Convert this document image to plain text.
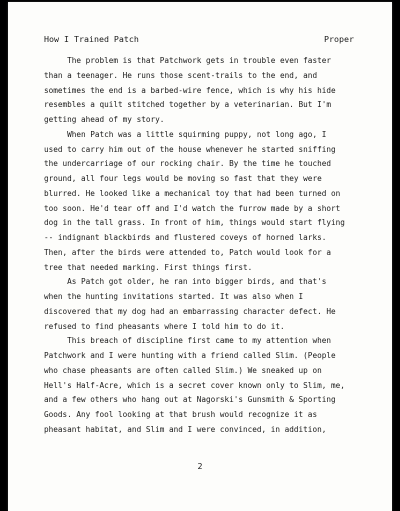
How I Trained Patch	Proper
The problem is that Patchwork gets in trouble even faster
than a teenager. He runs those scent-trails to the end, and
sometimes the end is a barbed-wire fence, which is why his hide
resembles a quilt stitched together by a veterinarian. But I'm
getting ahead of my story.
When Patch was a little squirming puppy, not long ago, I
used to carry him out of the house whenever he started sniffing
the undercarriage of our rocking chair. By the time he touched
ground, all four legs would be moving so fast that they were
blurred. He looked like a mechanical toy that had been turned on
too soon. He'd tear off and I'd watch the furrow made by a short
dog in the tall grass. In front of him, things would start flying
-- indignant blackbirds and flustered coveys of horned larks.
Then, after the birds were attended to, Patch would look for a
tree that needed marking. First things first.
As Patch got older, he ran into bigger birds, and that's
when the hunting invitations started. It was also when I
discovered that my dog had an embarrassing character defect. He
refused to find pheasants where I told him to do it.
This breach of discipline first came to my attention when
Patchwork and I were hunting with a friend called Slim. (People
who chase pheasants are often called Slim.) We sneaked up on
Hell's Half-Acre, which is a secret cover known only to Slim, me,
and a few others who hang out at Nagorski's Gunsmith & Sporting
Goods. Any fool looking at that brush would recognize it as
pheasant habitat, and Slim and I were convinced, in addition,
2
